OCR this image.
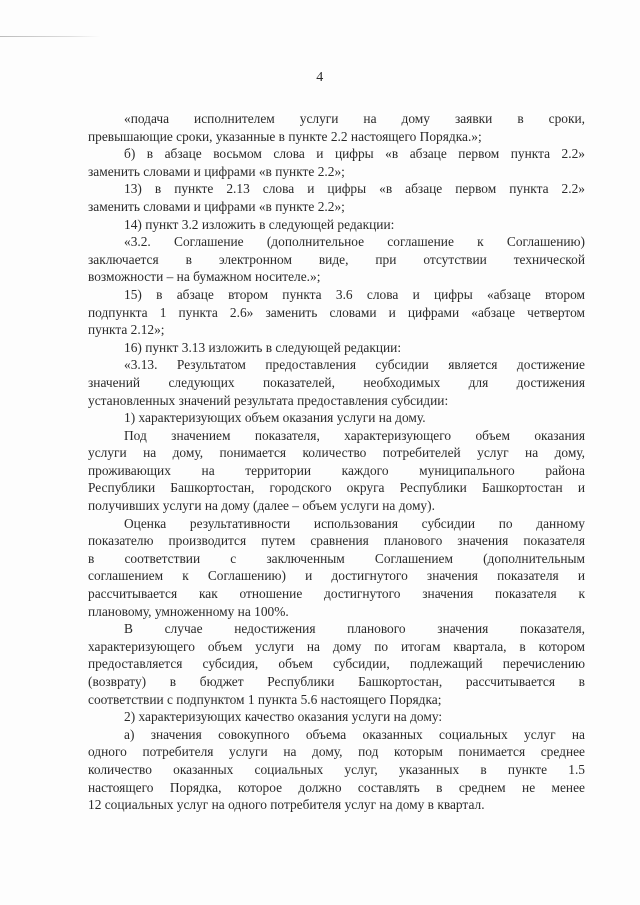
4
«подача исполнителем услуги на дому заявки в сроки,
превышающие сроки, указанные в пункте 2.2 настоящего Порядка.»;
б) в абзаце восьмом слова и цифры «в абзаце первом пункта 2.2»
заменить словами и цифрами «в пункте 2.2»;
13) в пункте 2.13 слова и цифры «в абзаце первом пункта 2.2»
заменить словами и цифрами «в пункте 2.2»;
14) пункт 3.2 изложить в следующей редакции:
«3.2. Соглашение (дополнительное соглашение к Соглашению)
заключается в электронном виде, при отсутствии технической
возможности – на бумажном носителе.»;
15) в абзаце втором пункта 3.6 слова и цифры «абзаце втором
подпункта 1 пункта 2.6» заменить словами и цифрами «абзаце четвертом
пункта 2.12»;
16) пункт 3.13 изложить в следующей редакции:
«3.13. Результатом предоставления субсидии является достижение
значений следующих показателей, необходимых для достижения
установленных значений результата предоставления субсидии:
1) характеризующих объем оказания услуги на дому.
Под значением показателя, характеризующего объем оказания
услуги на дому, понимается количество потребителей услуг на дому,
проживающих на территории каждого муниципального района
Республики Башкортостан, городского округа Республики Башкортостан и
получивших услуги на дому (далее – объем услуги на дому).
Оценка результативности использования субсидии по данному
показателю производится путем сравнения планового значения показателя
в соответствии с заключенным Соглашением (дополнительным
соглашением к Соглашению) и достигнутого значения показателя и
рассчитывается как отношение достигнутого значения показателя к
плановому, умноженному на 100%.
В случае недостижения планового значения показателя,
характеризующего объем услуги на дому по итогам квартала, в котором
предоставляется субсидия, объем субсидии, подлежащий перечислению
(возврату) в бюджет Республики Башкортостан, рассчитывается в
соответствии с подпунктом 1 пункта 5.6 настоящего Порядка;
2) характеризующих качество оказания услуги на дому:
а) значения совокупного объема оказанных социальных услуг на
одного потребителя услуги на дому, под которым понимается среднее
количество оказанных социальных услуг, указанных в пункте 1.5
настоящего Порядка, которое должно составлять в среднем не менее
12 социальных услуг на одного потребителя услуг на дому в квартал.
